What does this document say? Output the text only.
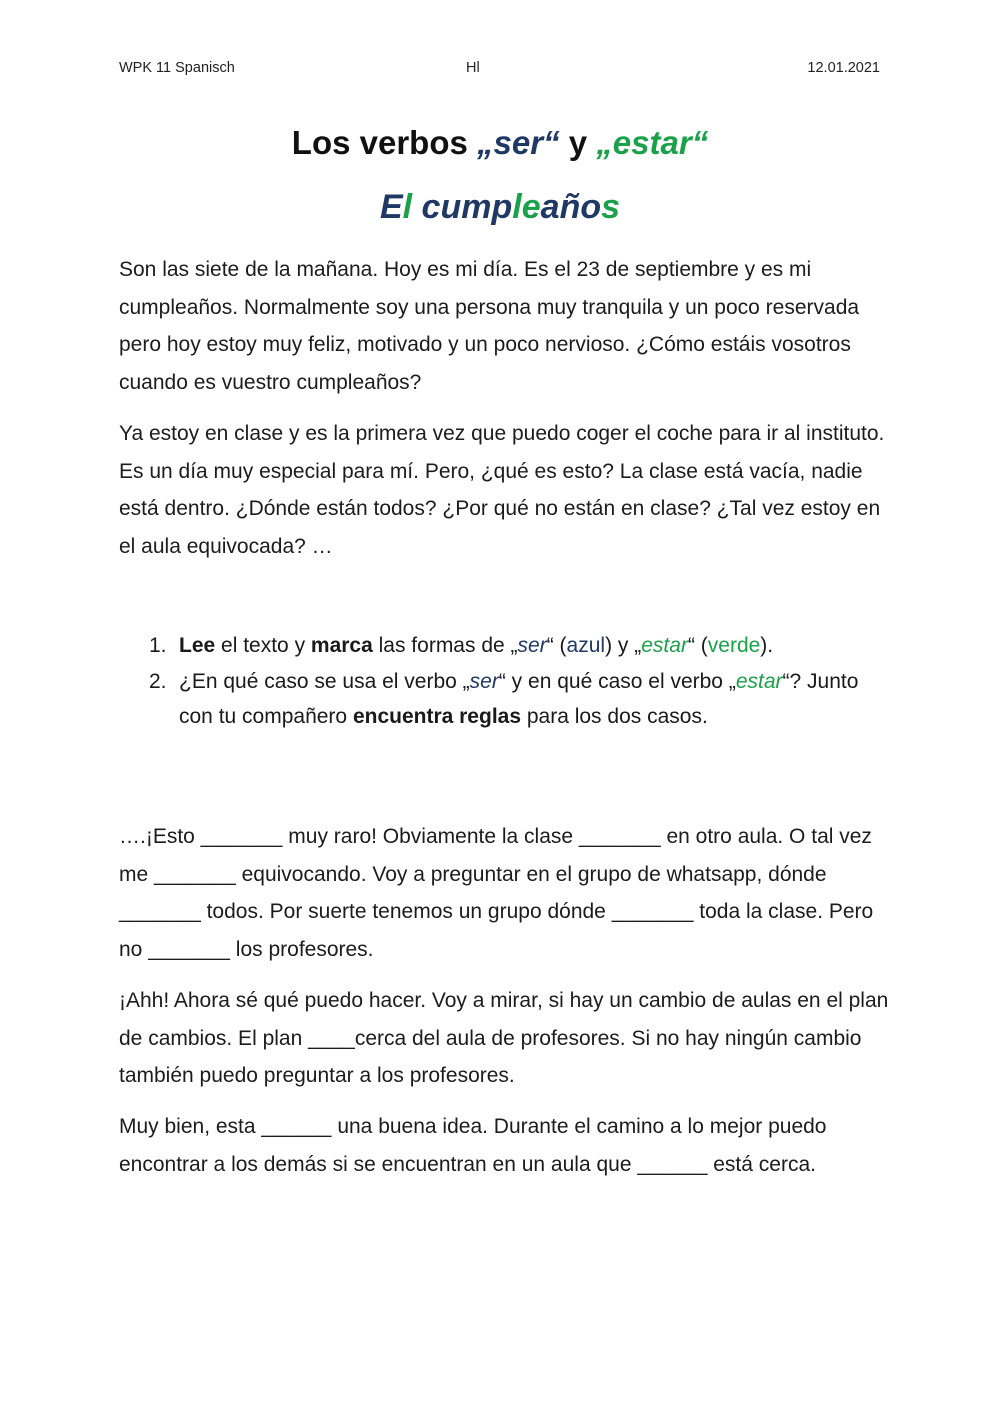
WPK 11 Spanisch	Hl	12.01.2021
Los verbos „ser“ y „estar“
El cumpleaños

Son las siete de la mañana. Hoy es mi día. Es el 23 de septiembre y es mi cumpleaños. Normalmente soy una persona muy tranquila y un poco reservada pero hoy estoy muy feliz, motivado y un poco nervioso. ¿Cómo estáis vosotros cuando es vuestro cumpleaños?

Ya estoy en clase y es la primera vez que puedo coger el coche para ir al instituto. Es un día muy especial para mí. Pero, ¿qué es esto? La clase está vacía, nadie está dentro. ¿Dónde están todos? ¿Por qué no están en clase? ¿Tal vez estoy en el aula equivocada? …

1. Lee el texto y marca las formas de „ser“ (azul) y „estar“ (verde).
2. ¿En qué caso se usa el verbo „ser“ y en qué caso el verbo „estar“? Junto con tu compañero encuentra reglas para los dos casos.

….¡Esto _______ muy raro! Obviamente la clase _______ en otro aula. O tal vez me _______ equivocando. Voy a preguntar en el grupo de whatsapp, dónde _______ todos. Por suerte tenemos un grupo dónde _______ toda la clase. Pero no _______ los profesores.

¡Ahh! Ahora sé qué puedo hacer. Voy a mirar, si hay un cambio de aulas en el plan de cambios. El plan ____cerca del aula de profesores. Si no hay ningún cambio también puedo preguntar a los profesores.

Muy bien, esta ______ una buena idea. Durante el camino a lo mejor puedo encontrar a los demás si se encuentran en un aula que ______ está cerca.
